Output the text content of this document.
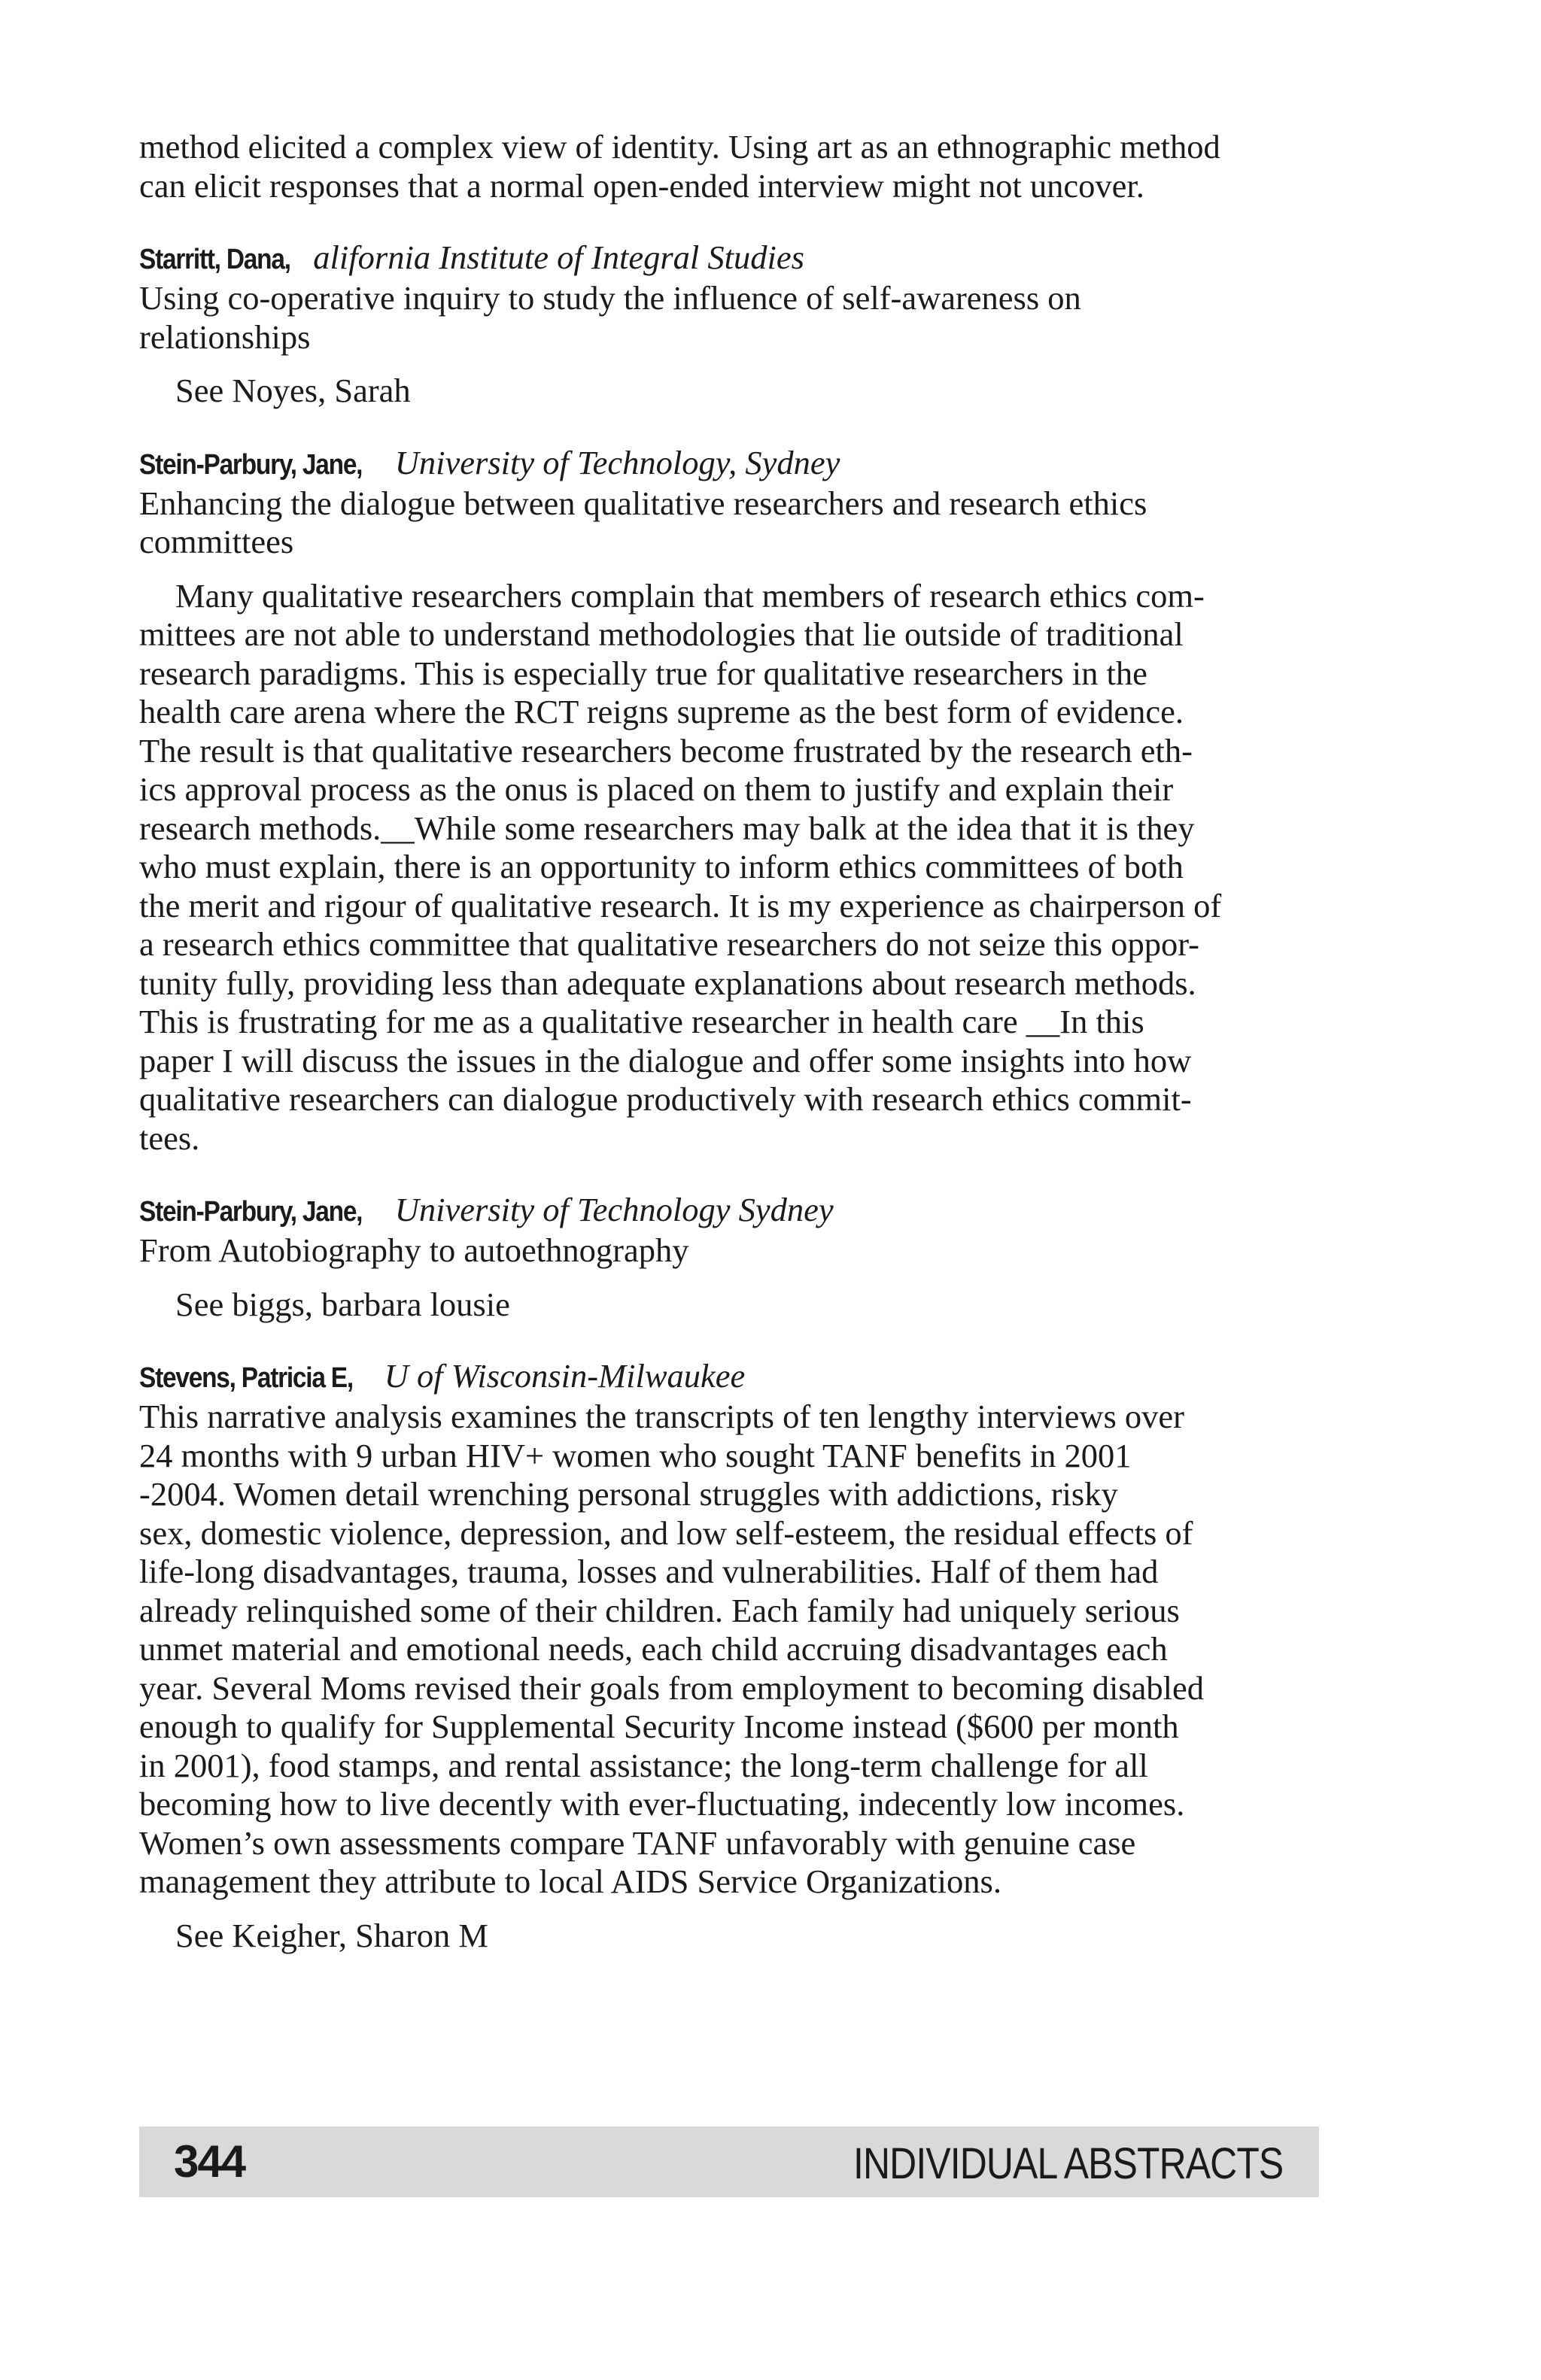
method elicited a complex view of identity. Using art as an ethnographic method
can elicit responses that a normal open-ended interview might not uncover.
Starritt, Dana, alifornia Institute of Integral Studies
Using co-operative inquiry to study the influence of self-awareness on
relationships

See Noyes, Sarah

Stein-Parbury, Jane, University of Technology, Sydney
Enhancing the dialogue between qualitative researchers and research ethics
committees
Many qualitative researchers complain that members of research ethics com-
mittees are not able to understand methodologies that lie outside of traditional
research paradigms. This is especially true for qualitative researchers in the
health care arena where the RCT reigns supreme as the best form of evidence.
The result is that qualitative researchers become frustrated by the research eth-
ics approval process as the onus is placed on them to justify and explain their
research methods.__While some researchers may balk at the idea that it is they
who must explain, there is an opportunity to inform ethics committees of both
the merit and rigour of qualitative research. It is my experience as chairperson of
a research ethics committee that qualitative researchers do not seize this oppor-
tunity fully, providing less than adequate explanations about research methods.
This is frustrating for me as a qualitative researcher in health care __In this
paper I will discuss the issues in the dialogue and offer some insights into how
qualitative researchers can dialogue productively with research ethics commit-
tees.
Stein-Parbury, Jane, University of Technology Sydney
From Autobiography to autoethnography

See biggs, barbara lousie

Stevens, Patricia E, U of Wisconsin-Milwaukee
This narrative analysis examines the transcripts of ten lengthy interviews over
24 months with 9 urban HIV+ women who sought TANF benefits in 2001
-2004. Women detail wrenching personal struggles with addictions, risky
sex, domestic violence, depression, and low self-esteem, the residual effects of
life-long disadvantages, trauma, losses and vulnerabilities. Half of them had
already relinquished some of their children. Each family had uniquely serious
unmet material and emotional needs, each child accruing disadvantages each
year. Several Moms revised their goals from employment to becoming disabled
enough to qualify for Supplemental Security Income instead ($600 per month
in 2001), food stamps, and rental assistance; the long-term challenge for all
becoming how to live decently with ever-fluctuating, indecently low incomes.
Women’s own assessments compare TANF unfavorably with genuine case
management they attribute to local AIDS Service Organizations.

See Keigher, Sharon M

344	INDIVIDUAL ABSTRACTS
